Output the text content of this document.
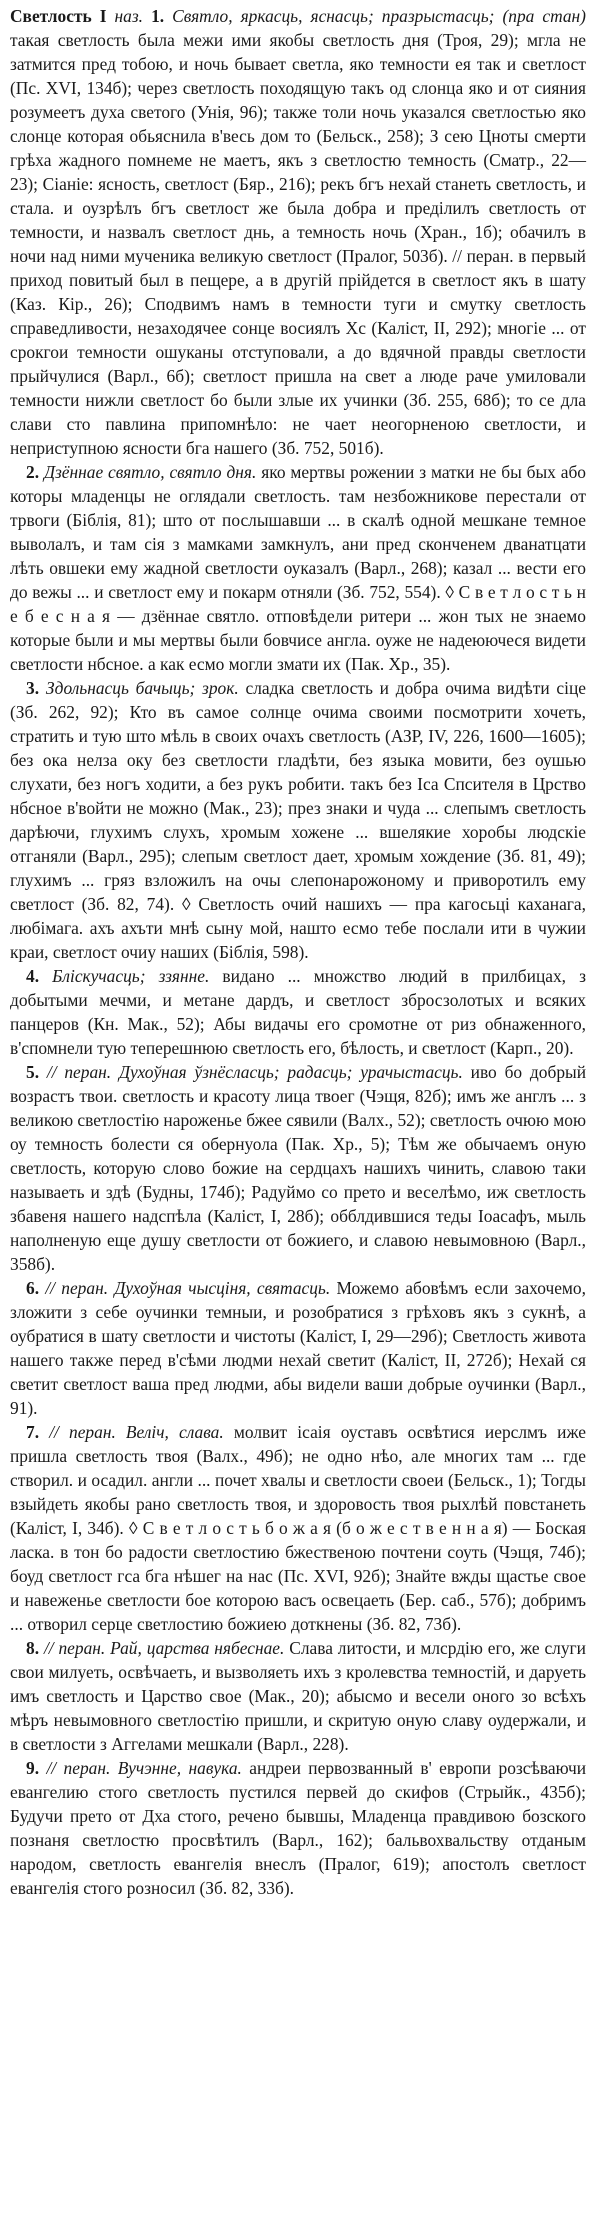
Светлость I наз. 1. Святло, яркасць, яснасць; празрыстасць; (пра стан) такая светлость была межи ими якобы светлость дня (Троя, 29); мгла не затмится пред тобою, и ночь бывает светла, яко темности ея так и светлост (Пс. XVI, 134б); через светлость походящую такъ од слонца яко и от сияния розумеетъ духа светого (Унія, 96); также толи ночь указался светлостью яко слонце которая обьяснила в'весь дом то (Бельск., 258); З сею Цноты смерти грѣха жадного помнеме не маетъ, якъ з светлостю темность (Сматр., 22—23); Сіаніе: ясность, светлост (Бяр., 216); рекъ бгъ нехай станеть светлость, и стала. и оузрѣлъ бгъ светлост же была добра и преділилъ светлость от темности, и назвалъ светлост днь, а темность ночь (Хран., 1б); обачилъ в ночи над ними мученика великую светлост (Пралог, 503б). // перан. в первый приход повитый был в пещере, а в другій прійдется в светлост якъ в шату (Каз. Кір., 26); Сподвимъ намъ в темности туги и смутку светлость справедливости, незаходячее сонце восиялъ Хс (Каліст, II, 292); многіе ... от срокгои темности ошуканы отступовали, а до вдячной правды светлости прыйчулися (Варл., 6б); светлост пришла на свет а люде раче умиловали темности нижли светлост бо были злые их учинки (Зб. 255, 68б); то се дла слави сто павлина припомнѣло: не чает неогорненою светлости, и неприступною ясности бга нашего (Зб. 752, 501б).

2. Дзённае святло, святло дня. яко мертвы рожении з матки не бы бых або которы младенцы не оглядали светлость. там незбожникове перестали от трвоги (Біблія, 81); што от послышавши ... в скалѣ одной мешкане темное выволалъ, и там сія з мамками замкнулъ, ани пред сконченем дванатцати лѣть овшеки ему жадной светлости оуказалъ (Варл., 268); казал ... вести его до вежы ... и светлост ему и покарм отняли (Зб. 752, 554). ◊ С в е т л о с т ь н е б е с н а я — дзённае святло. отповѣдели ритери ... жон тых не знаемо которые были и мы мертвы были бовчисе англа. оуже не надеюючеся видети светлости нбсное. а как есмо могли змати их (Пак. Хр., 35).

3. Здольнасць бачыць; зрок. сладка светлость и добра очима видѣти сіце (Зб. 262, 92); Кто въ самое солнце очима своими посмотрити хочеть, стратить и тую што мѣль в своих очахъ светлость (АЗР, IV, 226, 1600—1605); без ока нелза оку без светлости гладѣти, без языка мовити, без оушью слухати, без ногъ ходити, а без рукъ робити. такъ без Іса Спсителя в Црство нбсное в'войти не можно (Мак., 23); през знаки и чуда ... слепымъ светлость дарѣючи, глухимъ слухъ, хромым хожене ... вшелякие хоробы людскіе отганяли (Варл., 295); слепым светлост дает, хромым хождение (Зб. 81, 49); глухимъ ... гряз взложилъ на очы слепонарожоному и приворотилъ ему светлост (Зб. 82, 74). ◊ Светлость очий нашихъ — пра кагосьці каханага, любімага. ахъ ахъти мнѣ сыну мой, нашто есмо тебе послали ити в чужии краи, светлост очиу наших (Біблія, 598).

4. Бліскучасць; ззянне. видано ... множство людий в прилбицах, з добытыми мечми, и метане дардъ, и светлост збросзолотых и всяких панцеров (Кн. Мак., 52); Абы видачы его сромотне от риз обнаженного, в'спомнели тую теперешнюю светлость его, бѣлость, и светлост (Карп., 20).

5. // перан. Духоўная ўзнёсласць; радасць; урачыстасць. иво бо добрый возрастъ твои. светлость и красоту лица твоег (Чэщя, 82б); имъ же англъ ... з великою светлостію нароженье бжее сявили (Валх., 52); светлость очюю мою оу темность болести ся обернуола (Пак. Хр., 5); Тѣм же обычаемъ оную светлость, которую слово божие на сердцахъ нашихъ чинить, славою таки называеть и здѣ (Будны, 174б); Радуймо со прето и веселѣмо, иж светлость збавеня нашего надспѣла (Каліст, I, 28б); обблдившися теды Іоасафъ, мыль наполненую еще душу светлости от божиего, и славою невымовною (Варл., 358б).

6. // перан. Духоўная чысціня, святасць. Можемо абовѣмъ если захочемо, зложити з себе оучинки темныи, и розобратися з грѣховъ якъ з сукнѣ, а оубратися в шату светлости и чистоты (Каліст, I, 29—29б); Светлость живота нашего также перед в'сѣми людми нехай светит (Каліст, II, 272б); Нехай ся светит светлост ваша пред людми, абы видели ваши добрые оучинки (Варл., 91).

7. // перан. Веліч, слава. молвит ісаія оуставъ освѣтися иерслмъ иже пришла светлость твоя (Валх., 49б); не одно нѣо, але многих там ... где створил. и осадил. англи ... почет хвалы и светлости своеи (Бельск., 1); Тогды взыйдеть якобы рано светлость твоя, и здоровость твоя рыхлѣй повстанеть (Каліст, I, 34б). ◊ С в е т л о с т ь б о ж а я (б о ж е с т в е н н а я) — Боская ласка. в тон бо радости светлостию бжественою почтени соуть (Чэщя, 74б); боуд светлост гса бга нѣшег на нас (Пс. XVI, 92б); Знайте вжды щастье свое и навеженье светлости бое которою васъ освецаеть (Бер. саб., 57б); добримъ ... отворил серце светлостию божиею доткнены (Зб. 82, 73б).

8. // перан. Рай, царства нябеснае. Слава литости, и млсрдію его, же слуги свои милуеть, освѣчаеть, и вызволяеть ихъ з кролевства темностій, и даруеть имъ светлость и Царство свое (Мак., 20); абысмо и весели оного зо всѣхъ мѣръ невымовного светлостію пришли, и скритую оную славу оудержали, и в светлости з Аггелами мешкали (Варл., 228).

9. // перан. Вучэнне, навука. андреи первозванный в' европи розсѣваючи евангелию стого светлость пустился первей до скифов (Стрыйк., 435б); Будучи прето от Дха стого, речено бывшы, Младенца правдивою бозского познаня светлостю просвѣтилъ (Варл., 162); бальвохвальству отданым народом, светлость евангелія внеслъ (Пралог, 619); апостолъ светлост евангелія стого розносил (Зб. 82, 33б).
